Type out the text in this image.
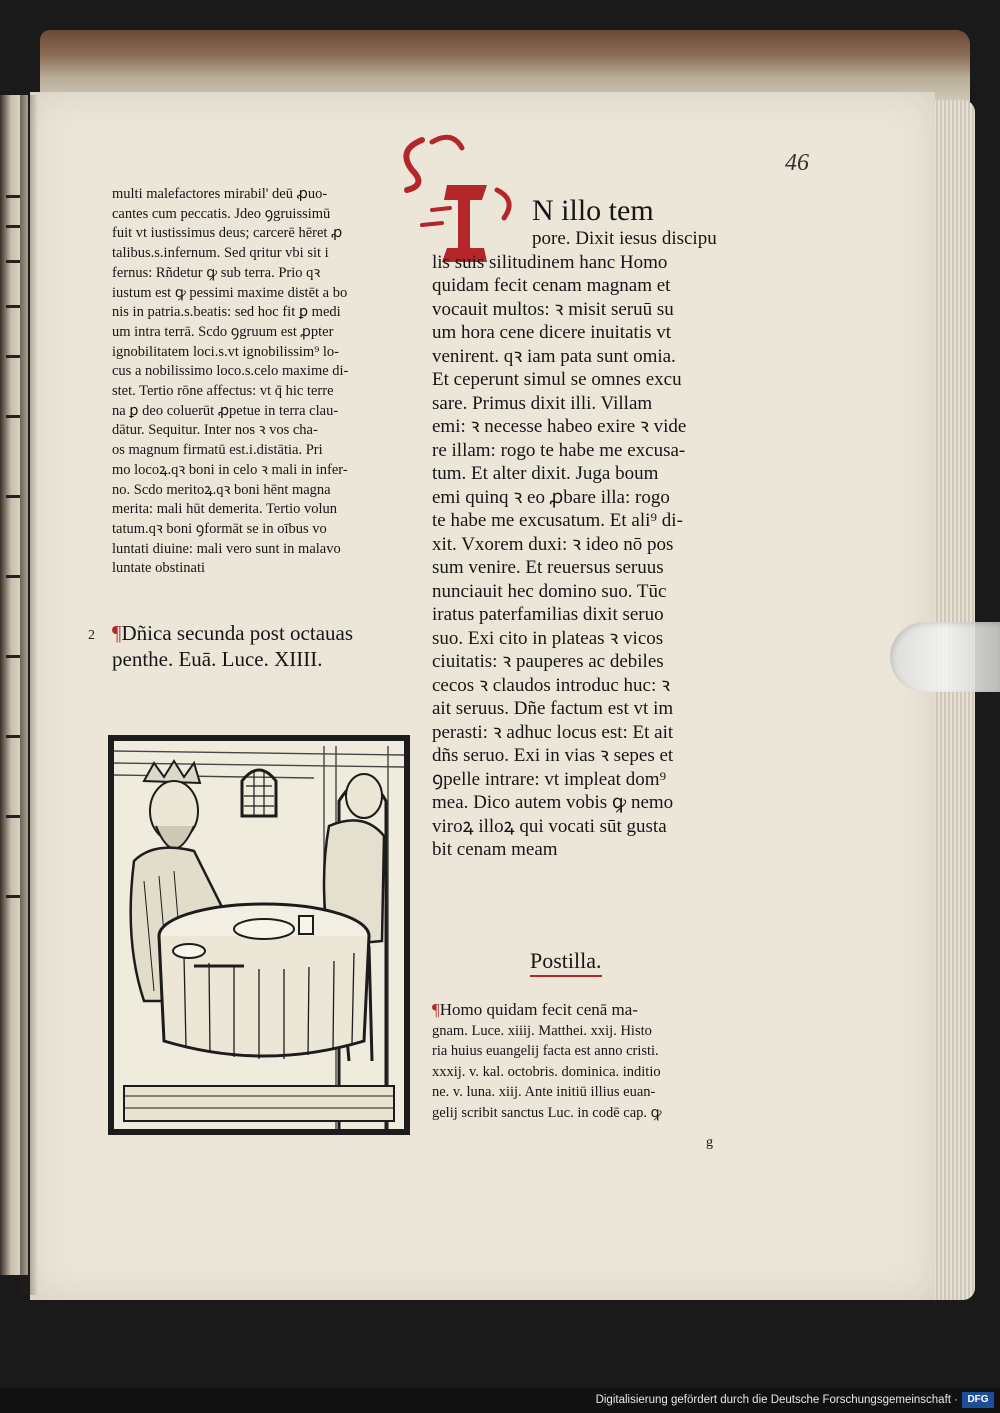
46
multi malefactores mirabil' deū ꝓuo-
cantes cum peccatis. Jdeo ꝯgruissimū
fuit vt iustissimus deus; carcerē hēret ꝓ
talibus.s.infernum. Sed qritur vbi sit i
fernus: Rñdetur ꝙ sub terra. Prio qꝛ
iustum est ꝙ pessimi maxime distēt a bo
nis in patria.s.beatis: sed hoc fit ꝑ medi
um intra terrā. Scdo ꝯgruum est ꝓpter
ignobilitatem loci.s.vt ignobilissim⁹ lo-
cus a nobilissimo loco.s.celo maxime di-
stet. Tertio rōne affectus: vt q̄ hic terre
na ꝑ deo coluerūt ꝓpetue in terra clau-
dātur. Sequitur. Inter nos ꝛ vos cha-
os magnum firmatū est.i.distātia. Pri
mo locoꝝ.qꝛ boni in celo ꝛ mali in infer-
no. Scdo meritoꝝ.qꝛ boni hēnt magna
merita: mali hūt demerita. Tertio volun
tatum.qꝛ boni ꝯformāt se in oībus vo
luntati diuine: mali vero sunt in malavo
luntate obstinati
2 ¶Dñica secunda post octauas
penthe. Euā. Luce. XIIII.
N illo tem
pore. Dixit iesus discipu
lis suis silitudinem hanc Homo
quidam fecit cenam magnam et
vocauit multos: ꝛ misit seruū su
um hora cene dicere inuitatis vt
venirent. qꝛ iam pata sunt omia.
Et ceperunt simul se omnes excu
sare. Primus dixit illi. Villam
emi: ꝛ necesse habeo exire ꝛ vide
re illam: rogo te habe me excusa-
tum. Et alter dixit. Juga boum
emi quinq ꝛ eo ꝓbare illa: rogo
te habe me excusatum. Et ali⁹ di-
xit. Vxorem duxi: ꝛ ideo nō pos
sum venire. Et reuersus seruus
nunciauit hec domino suo. Tūc
iratus paterfamilias dixit seruo
suo. Exi cito in plateas ꝛ vicos
ciuitatis: ꝛ pauperes ac debiles
cecos ꝛ claudos introduc huc: ꝛ
ait seruus. Dñe factum est vt im
perasti: ꝛ adhuc locus est: Et ait
dñs seruo. Exi in vias ꝛ sepes et
ꝯpelle intrare: vt impleat dom⁹
mea. Dico autem vobis ꝙ nemo
viroꝝ illoꝝ qui vocati sūt gusta
bit cenam meam
Postilla.
¶Homo quidam fecit cenā ma-
gnam. Luce. xiiij. Matthei. xxij. Histo
ria huius euangelij facta est anno cristi.
xxxij. v. kal. octobris. dominica. inditio
ne. v. luna. xiij. Ante initiū illius euan-
gelij scribit sanctus Luc. in codē cap. ꝙ
g
Digitalisierung gefördert durch die Deutsche Forschungsgemeinschaft · DFG
